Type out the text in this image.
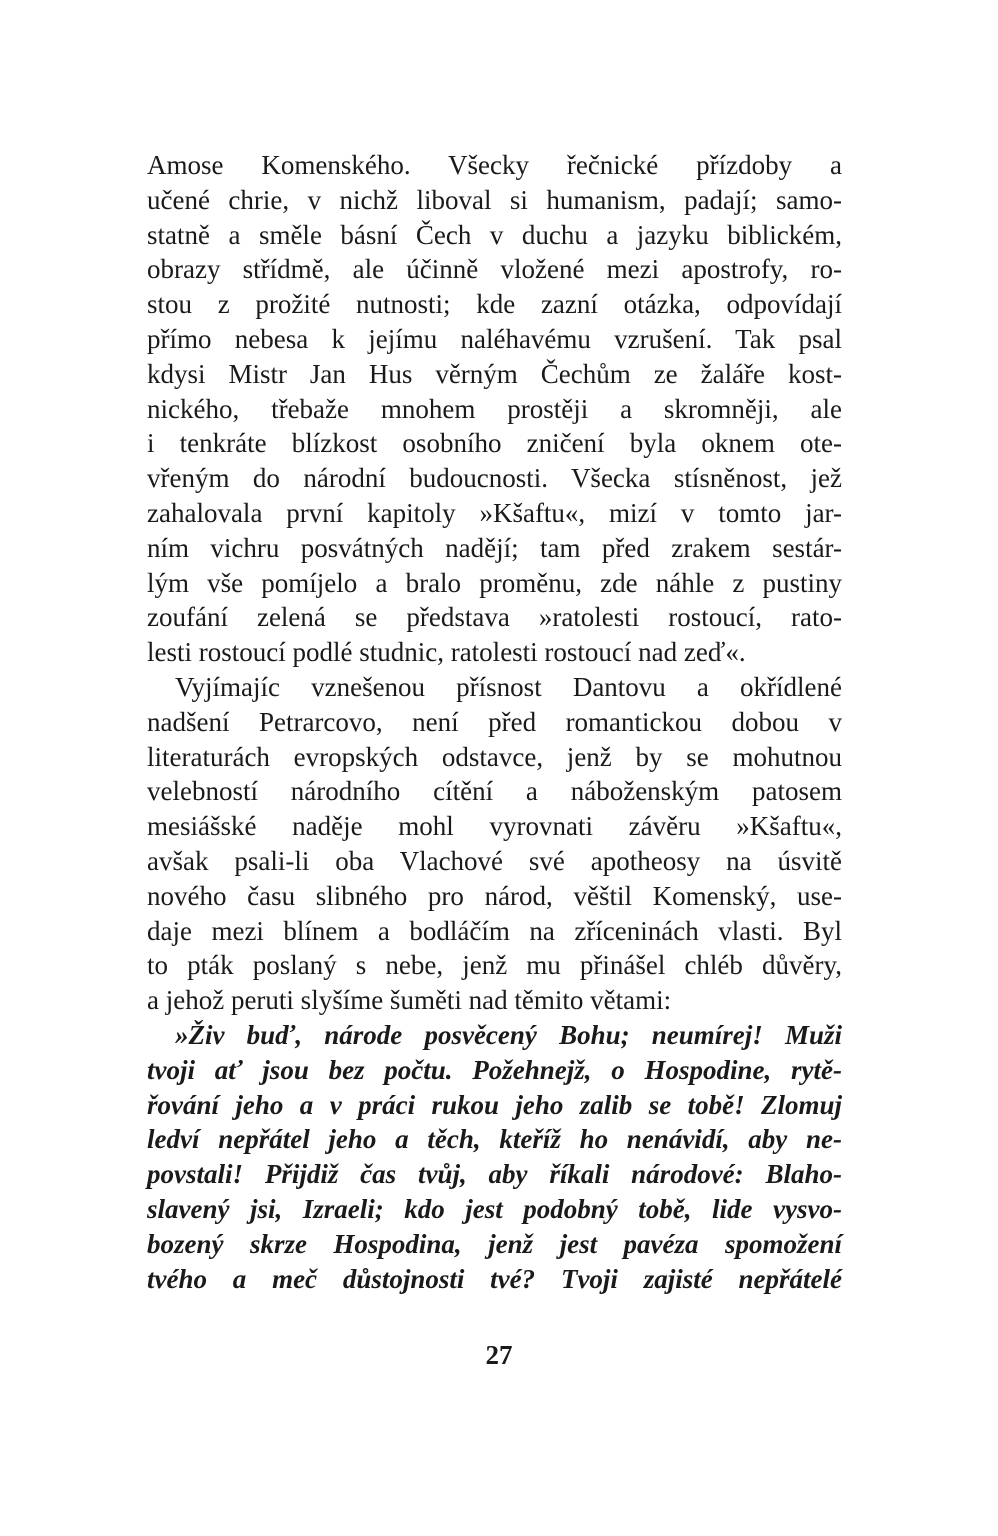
Amose Komenského. Všecky řečnické přízdoby a
učené chrie, v nichž liboval si humanism, padají; samo-
statně a směle básní Čech v duchu a jazyku biblickém,
obrazy střídmě, ale účinně vložené mezi apostrofy, ro-
stou z prožité nutnosti; kde zazní otázka, odpovídají
přímo nebesa k jejímu naléhavému vzrušení. Tak psal
kdysi Mistr Jan Hus věrným Čechům ze žaláře kost-
nického, třebaže mnohem prostěji a skromněji, ale
i tenkráte blízkost osobního zničení byla oknem ote-
vřeným do národní budoucnosti. Všecka stísněnost, jež
zahalovala první kapitoly »Kšaftu«, mizí v tomto jar-
ním vichru posvátných nadějí; tam před zrakem sestár-
lým vše pomíjelo a bralo proměnu, zde náhle z pustiny
zoufání zelená se představa »ratolesti rostoucí, rato-
lesti rostoucí podlé studnic, ratolesti rostoucí nad zeď«.
Vyjímajíc vznešenou přísnost Dantovu a okřídlené
nadšení Petrarcovo, není před romantickou dobou v
literaturách evropských odstavce, jenž by se mohutnou
velebností národního cítění a náboženským patosem
mesiášské naděje mohl vyrovnati závěru »Kšaftu«,
avšak psali-li oba Vlachové své apotheosy na úsvitě
nového času slibného pro národ, věštil Komenský, use-
daje mezi blínem a bodláčím na zříceninách vlasti. Byl
to pták poslaný s nebe, jenž mu přinášel chléb důvěry,
a jehož peruti slyšíme šuměti nad těmito větami:
»Živ buď, národe posvěcený Bohu; neumírej! Muži
tvoji ať jsou bez počtu. Požehnejž, o Hospodine, rytě-
řování jeho a v práci rukou jeho zalib se tobě! Zlomuj
ledví nepřátel jeho a těch, kteříž ho nenávidí, aby ne-
povstali! Přijdiž čas tvůj, aby říkali národové: Blaho-
slavený jsi, Izraeli; kdo jest podobný tobě, lide vysvo-
bozený skrze Hospodina, jenž jest pavéza spomožení
tvého a meč důstojnosti tvé? Tvoji zajisté nepřátelé
27
